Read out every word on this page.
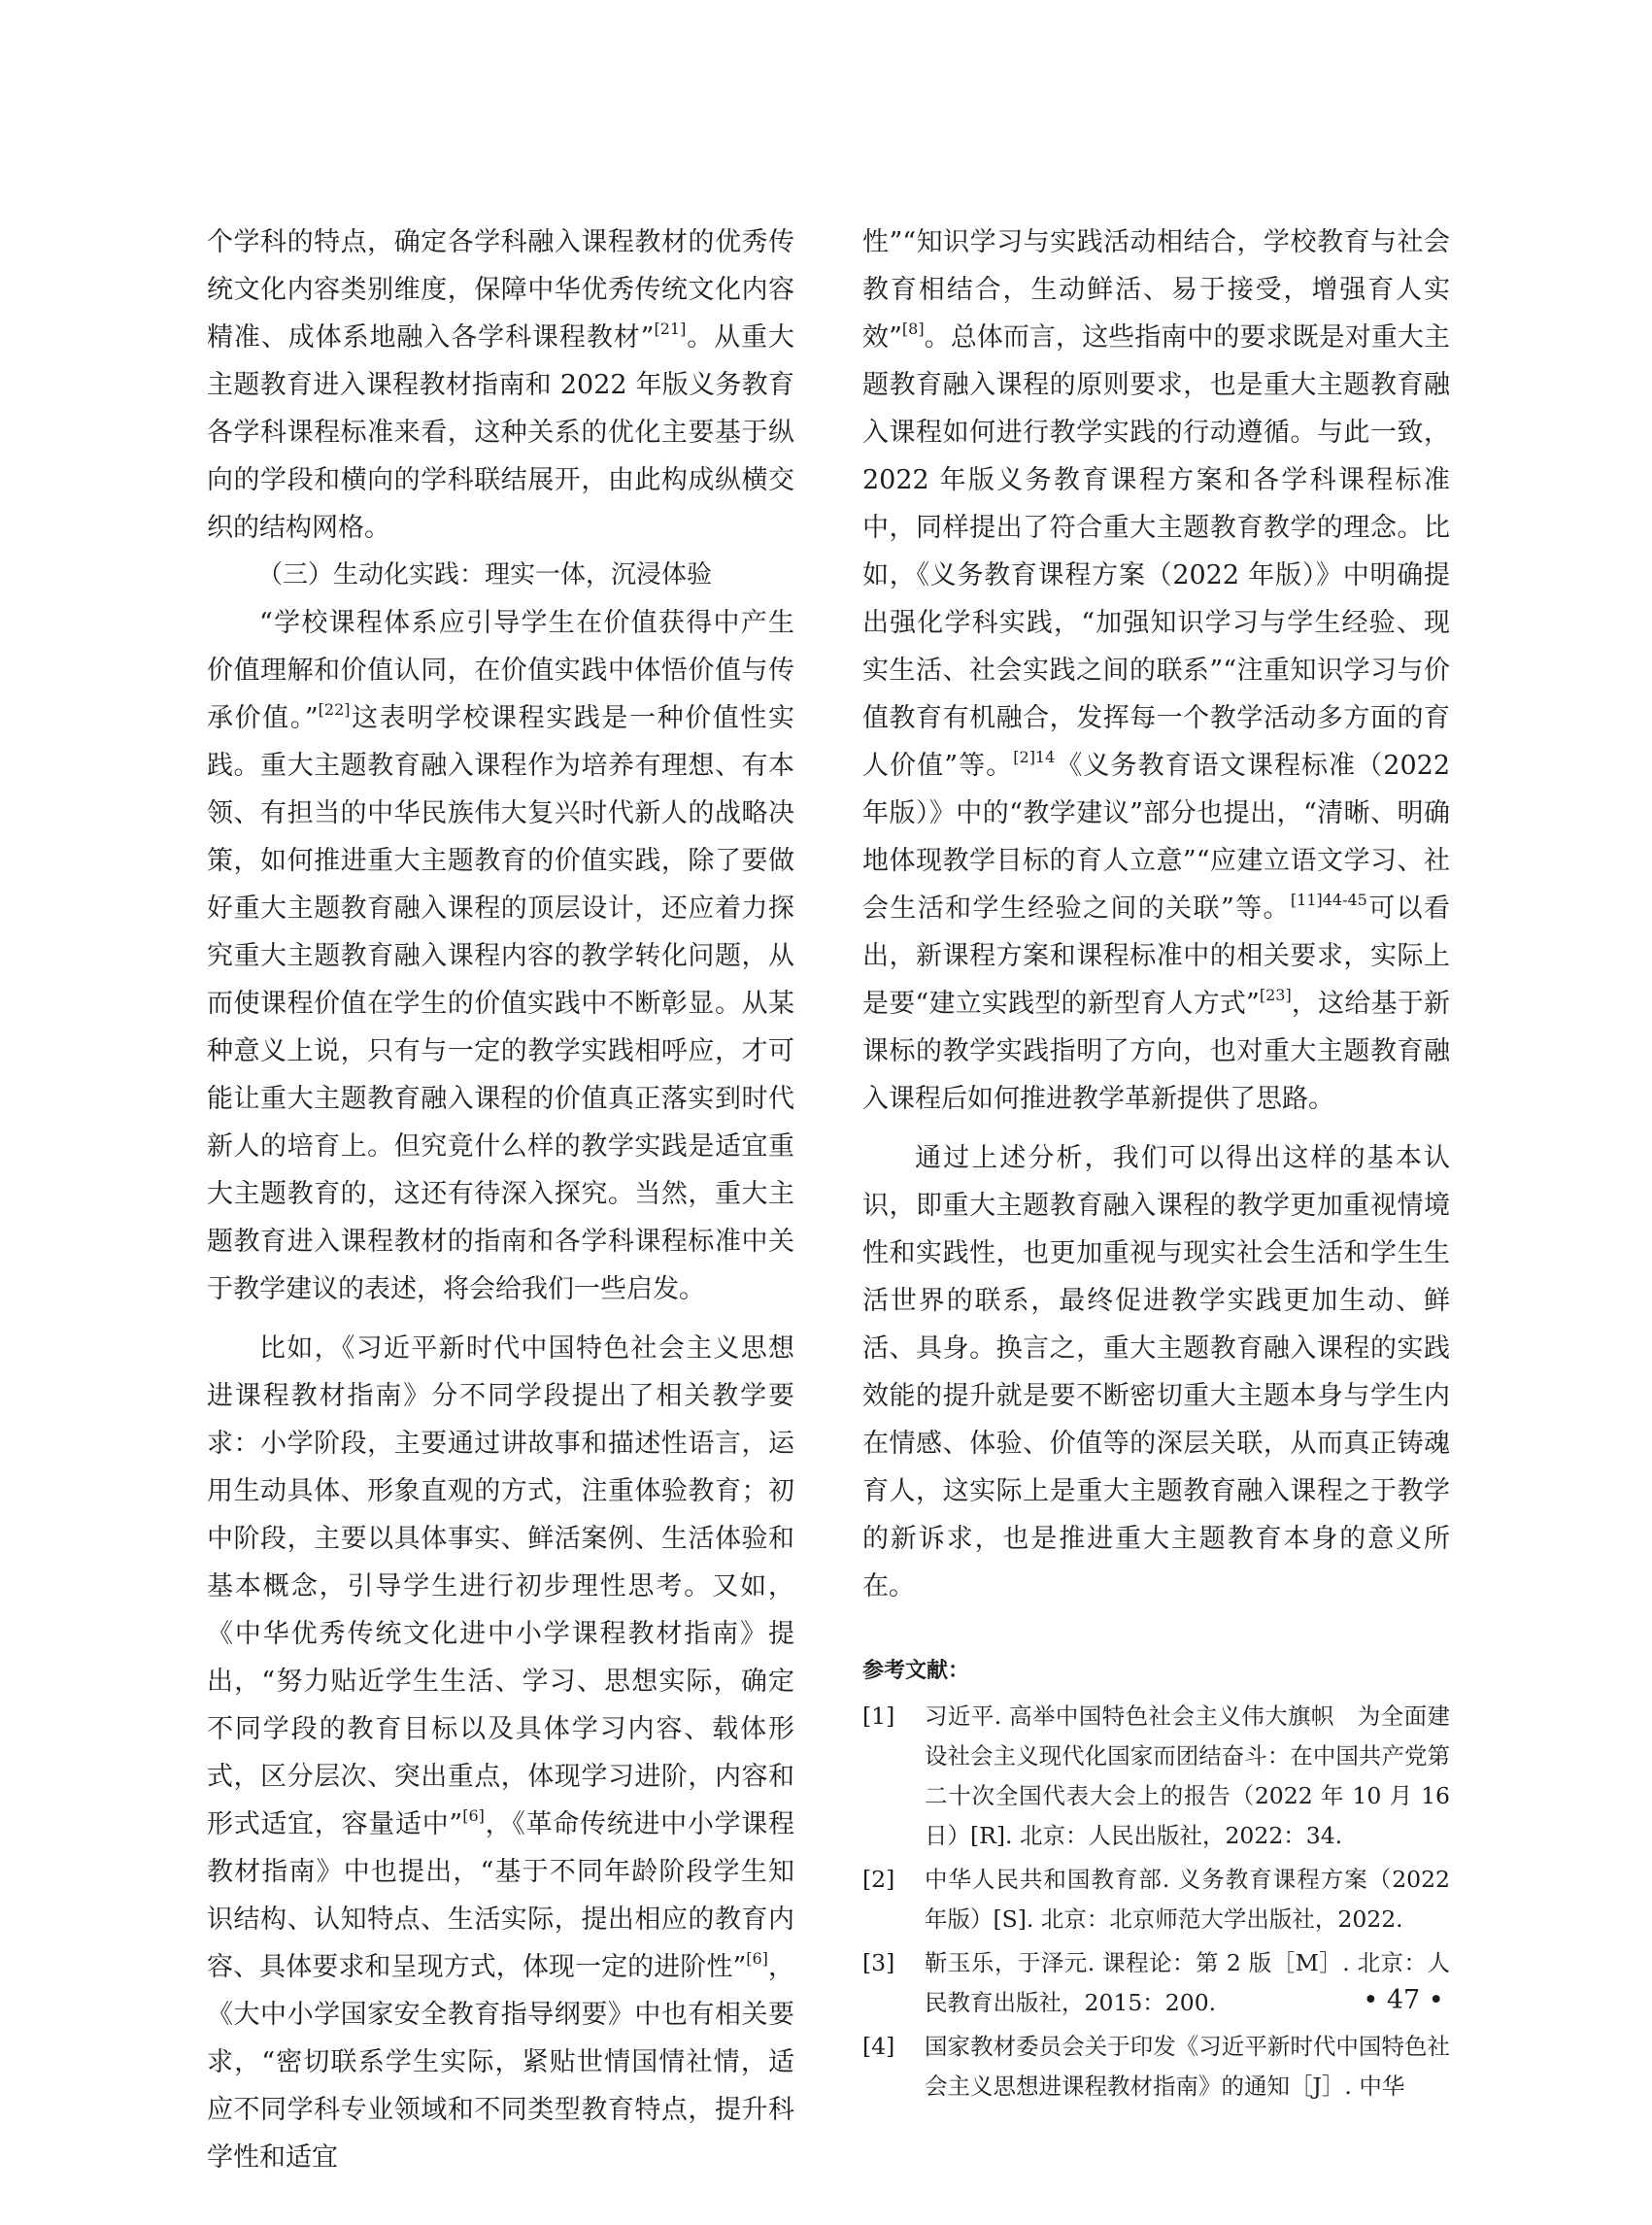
个学科的特点，确定各学科融入课程教材的优秀传统文化内容类别维度，保障中华优秀传统文化内容精准、成体系地融入各学科课程教材”[21]。从重大主题教育进入课程教材指南和 2022 年版义务教育各学科课程标准来看，这种关系的优化主要基于纵向的学段和横向的学科联结展开，由此构成纵横交织的结构网格。

（三）生动化实践：理实一体，沉浸体验

“学校课程体系应引导学生在价值获得中产生价值理解和价值认同，在价值实践中体悟价值与传承价值。”[22]这表明学校课程实践是一种价值性实践。重大主题教育融入课程作为培养有理想、有本领、有担当的中华民族伟大复兴时代新人的战略决策，如何推进重大主题教育的价值实践，除了要做好重大主题教育融入课程的顶层设计，还应着力探究重大主题教育融入课程内容的教学转化问题，从而使课程价值在学生的价值实践中不断彰显。从某种意义上说，只有与一定的教学实践相呼应，才可能让重大主题教育融入课程的价值真正落实到时代新人的培育上。但究竟什么样的教学实践是适宜重大主题教育的，这还有待深入探究。当然，重大主题教育进入课程教材的指南和各学科课程标准中关于教学建议的表述，将会给我们一些启发。

比如，《习近平新时代中国特色社会主义思想进课程教材指南》分不同学段提出了相关教学要求：小学阶段，主要通过讲故事和描述性语言，运用生动具体、形象直观的方式，注重体验教育；初中阶段，主要以具体事实、鲜活案例、生活体验和基本概念，引导学生进行初步理性思考。又如，《中华优秀传统文化进中小学课程教材指南》提出，“努力贴近学生生活、学习、思想实际，确定不同学段的教育目标以及具体学习内容、载体形式，区分层次、突出重点，体现学习进阶，内容和形式适宜，容量适中”[6]，《革命传统进中小学课程教材指南》中也提出，“基于不同年龄阶段学生知识结构、认知特点、生活实际，提出相应的教育内容、具体要求和呈现方式，体现一定的进阶性”[6]，《大中小学国家安全教育指导纲要》中也有相关要求，“密切联系学生实际，紧贴世情国情社情，适应不同学科专业领域和不同类型教育特点，提升科学性和适宜

性”“知识学习与实践活动相结合，学校教育与社会教育相结合，生动鲜活、易于接受，增强育人实效”[8]。总体而言，这些指南中的要求既是对重大主题教育融入课程的原则要求，也是重大主题教育融入课程如何进行教学实践的行动遵循。与此一致，2022 年版义务教育课程方案和各学科课程标准中，同样提出了符合重大主题教育教学的理念。比如，《义务教育课程方案（2022 年版）》中明确提出强化学科实践，“加强知识学习与学生经验、现实生活、社会实践之间的联系”“注重知识学习与价值教育有机融合，发挥每一个教学活动多方面的育人价值”等。$^{[2]14}$《义务教育语文课程标准（2022 年版）》中的“教学建议”部分也提出，“清晰、明确地体现教学目标的育人立意”“应建立语文学习、社会生活和学生经验之间的关联”等。$^{[11]44-45}$可以看出，新课程方案和课程标准中的相关要求，实际上是要“建立实践型的新型育人方式”[23]，这给基于新课标的教学实践指明了方向，也对重大主题教育融入课程后如何推进教学革新提供了思路。

通过上述分析，我们可以得出这样的基本认识，即重大主题教育融入课程的教学更加重视情境性和实践性，也更加重视与现实社会生活和学生生活世界的联系，最终促进教学实践更加生动、鲜活、具身。换言之，重大主题教育融入课程的实践效能的提升就是要不断密切重大主题本身与学生内在情感、体验、价值等的深层关联，从而真正铸魂育人，这实际上是重大主题教育融入课程之于教学的新诉求，也是推进重大主题教育本身的意义所在。

参考文献：
[1]	习近平. 高举中国特色社会主义伟大旗帜　为全面建设社会主义现代化国家而团结奋斗：在中国共产党第二十次全国代表大会上的报告（2022 年 10 月 16 日）[R]. 北京：人民出版社，2022：34.
[2]	中华人民共和国教育部. 义务教育课程方案（2022 年版）[S]. 北京：北京师范大学出版社，2022.
[3]	靳玉乐，于泽元. 课程论：第 2 版［M］. 北京：人民教育出版社，2015：200.
[4]	国家教材委员会关于印发《习近平新时代中国特色社会主义思想进课程教材指南》的通知［J］. 中华
• 47 •
